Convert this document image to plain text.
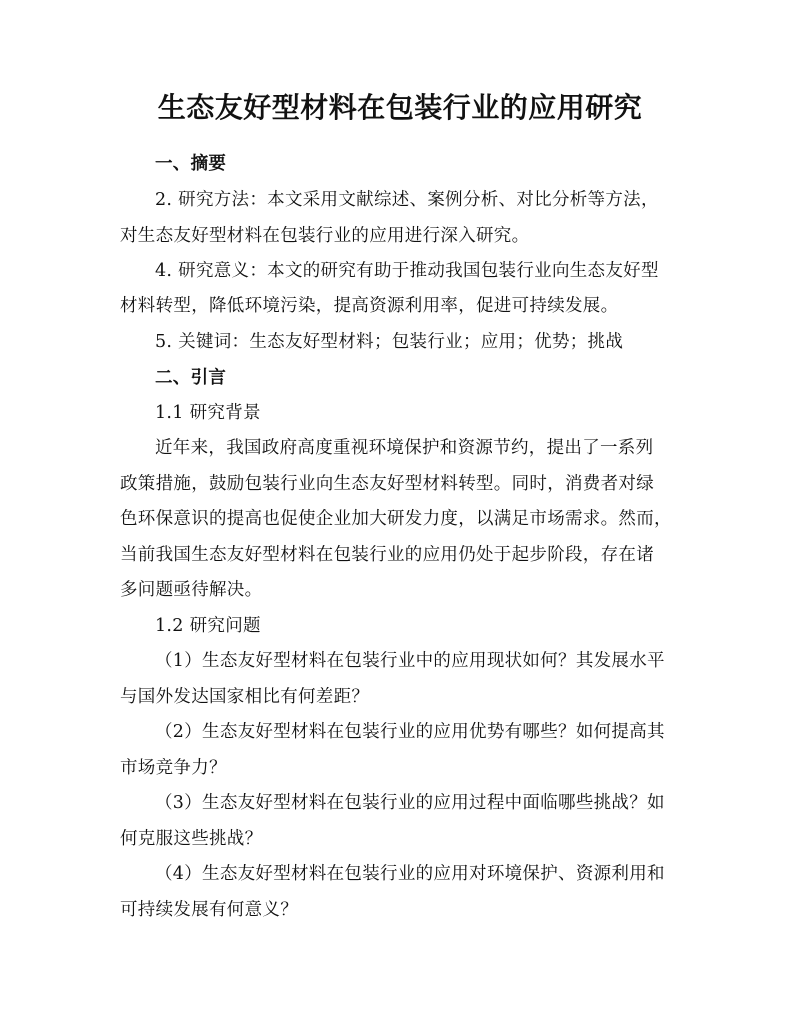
生态友好型材料在包装行业的应用研究
一、摘要
2. 研究方法：本文采用文献综述、案例分析、对比分析等方法，
对生态友好型材料在包装行业的应用进行深入研究。
4. 研究意义：本文的研究有助于推动我国包装行业向生态友好型
材料转型，降低环境污染，提高资源利用率，促进可持续发展。
5. 关键词：生态友好型材料；包装行业；应用；优势；挑战
二、引言
1.1 研究背景
近年来，我国政府高度重视环境保护和资源节约，提出了一系列
政策措施，鼓励包装行业向生态友好型材料转型。同时，消费者对绿
色环保意识的提高也促使企业加大研发力度，以满足市场需求。然而，
当前我国生态友好型材料在包装行业的应用仍处于起步阶段，存在诸
多问题亟待解决。
1.2 研究问题
（1）生态友好型材料在包装行业中的应用现状如何？其发展水平
与国外发达国家相比有何差距？
（2）生态友好型材料在包装行业的应用优势有哪些？如何提高其
市场竞争力？
（3）生态友好型材料在包装行业的应用过程中面临哪些挑战？如
何克服这些挑战？
（4）生态友好型材料在包装行业的应用对环境保护、资源利用和
可持续发展有何意义？
